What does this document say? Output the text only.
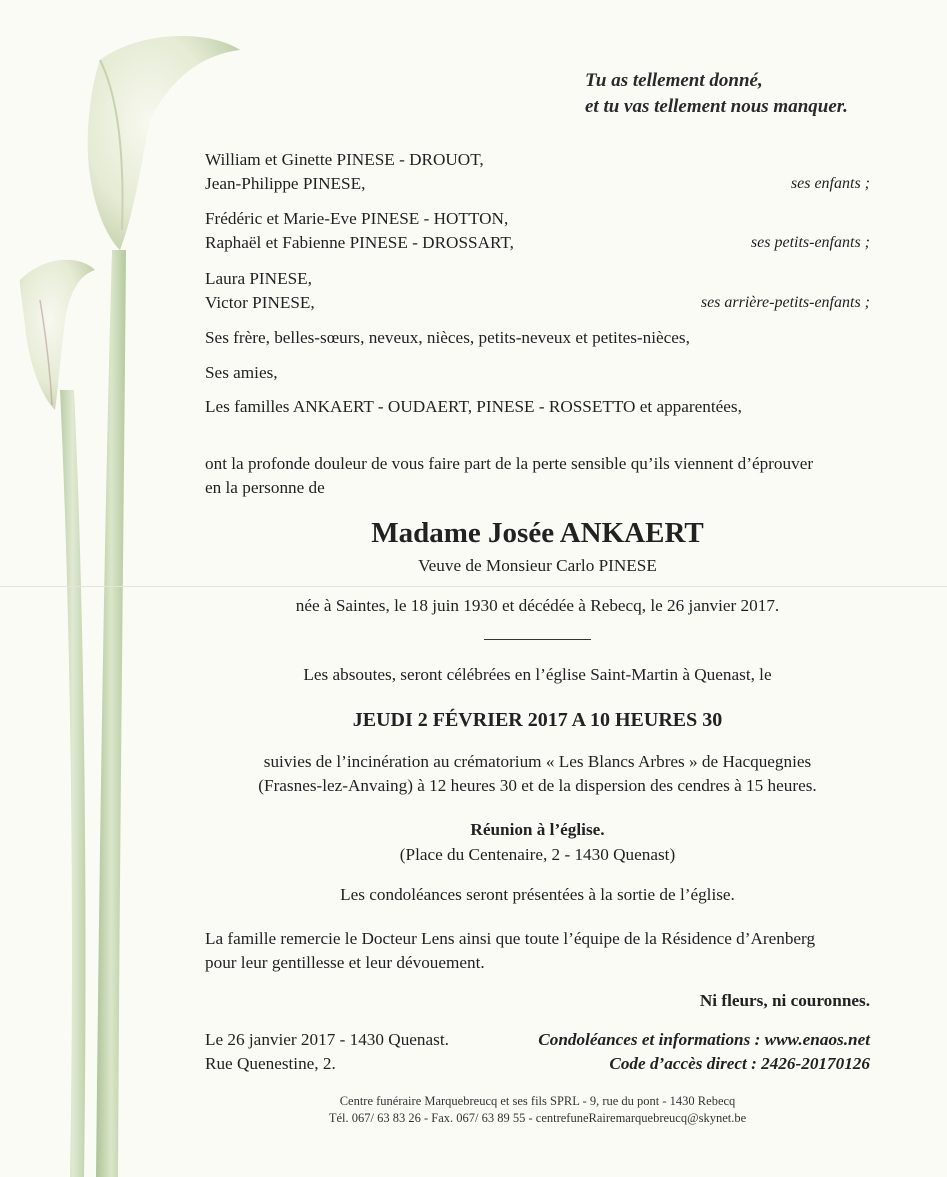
Tu as tellement donné,
et tu vas tellement nous manquer.
William et Ginette PINESE - DROUOT,
Jean-Philippe PINESE,	ses enfants ;
Frédéric et Marie-Eve PINESE - HOTTON,
Raphaël et Fabienne PINESE - DROSSART,	ses petits-enfants ;
Laura PINESE,
Victor PINESE,	ses arrière-petits-enfants ;
Ses frère, belles-sœurs, neveux, nièces, petits-neveux et petites-nièces,
Ses amies,
Les familles ANKAERT - OUDAERT, PINESE - ROSSETTO et apparentées,
ont la profonde douleur de vous faire part de la perte sensible qu’ils viennent d’éprouver
en la personne de
Madame Josée ANKAERT
Veuve de Monsieur Carlo PINESE
née à Saintes, le 18 juin 1930 et décédée à Rebecq, le 26 janvier 2017.
Les absoutes, seront célébrées en l’église Saint-Martin à Quenast, le
JEUDI 2 FÉVRIER 2017 A 10 HEURES 30
suivies de l’incinération au crématorium « Les Blancs Arbres » de Hacquegnies
(Frasnes-lez-Anvaing) à 12 heures 30 et de la dispersion des cendres à 15 heures.
Réunion à l’église.
(Place du Centenaire, 2 - 1430 Quenast)
Les condoléances seront présentées à la sortie de l’église.
La famille remercie le Docteur Lens ainsi que toute l’équipe de la Résidence d’Arenberg
pour leur gentillesse et leur dévouement.
Ni fleurs, ni couronnes.
Le 26 janvier 2017 - 1430 Quenast.
Rue Quenestine, 2.
Condoléances et informations : www.enaos.net
Code d’accès direct : 2426-20170126
Centre funéraire Marquebreucq et ses fils SPRL - 9, rue du pont - 1430 Rebecq
Tél. 067/ 63 83 26 - Fax. 067/ 63 89 55 - centrefuneRairemarquebreucq@skynet.be
